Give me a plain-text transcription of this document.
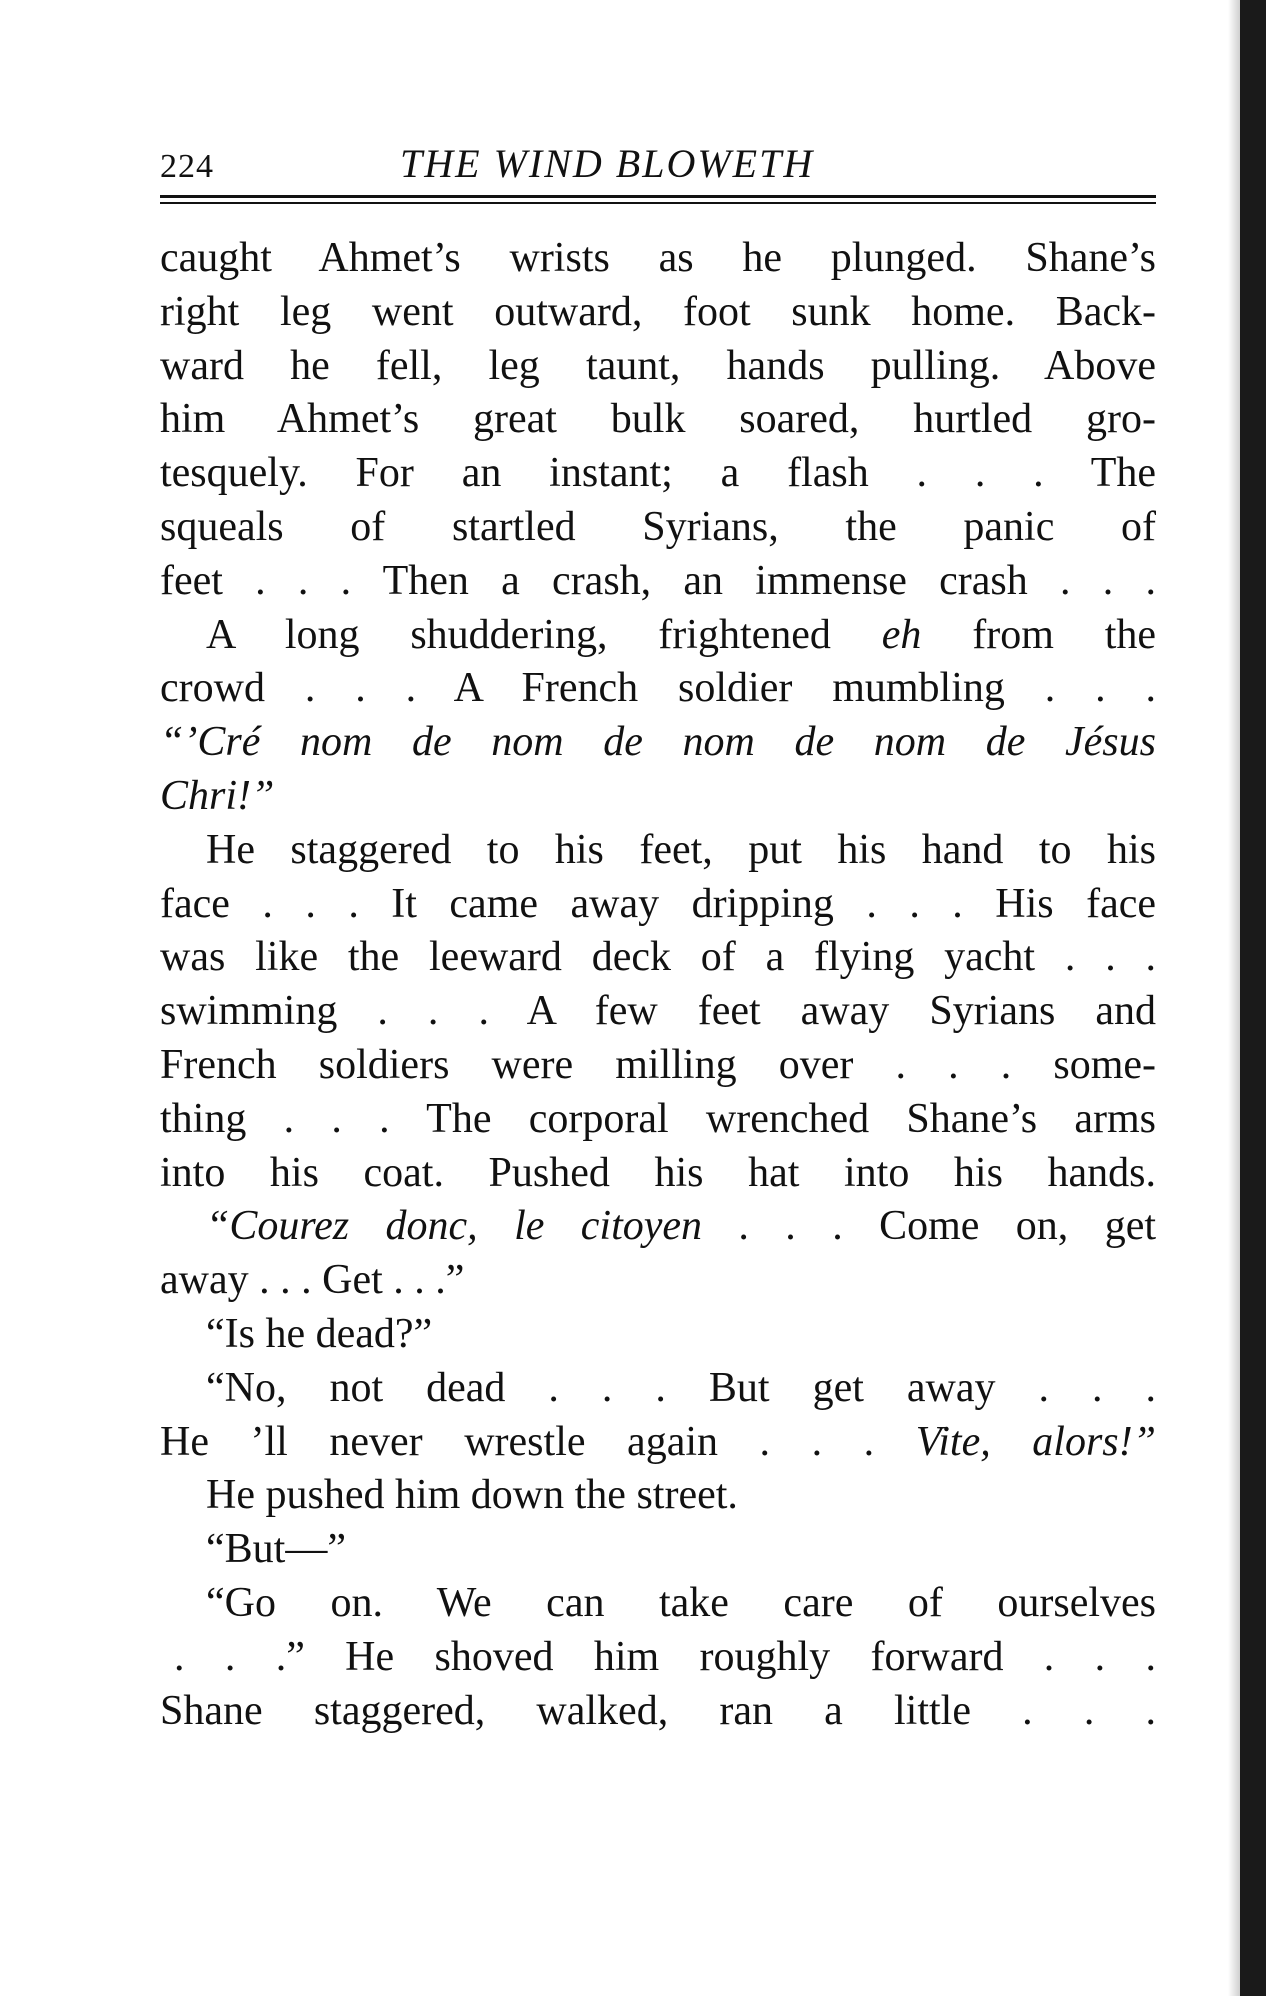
224	THE WIND BLOWETH
caught Ahmet’s wrists as he plunged. Shane’s
right leg went outward, foot sunk home. Back-
ward he fell, leg taunt, hands pulling. Above
him Ahmet’s great bulk soared, hurtled gro-
tesquely. For an instant; a flash . . . The
squeals of startled Syrians, the panic of
feet . . . Then a crash, an immense crash . . .
A long shuddering, frightened eh from the
crowd . . . A French soldier mumbling . . .
“’Cré nom de nom de nom de nom de Jésus
Chri!”
He staggered to his feet, put his hand to his
face . . . It came away dripping . . . His face
was like the leeward deck of a flying yacht . . .
swimming . . . A few feet away Syrians and
French soldiers were milling over . . . some-
thing . . . The corporal wrenched Shane’s arms
into his coat. Pushed his hat into his hands.
“Courez donc, le citoyen . . . Come on, get
away . . . Get . . .”
“Is he dead?”
“No, not dead . . . But get away . . .
He ’ll never wrestle again . . . Vite, alors!”
He pushed him down the street.
“But—”
“Go on. We can take care of ourselves
. . .” He shoved him roughly forward . . .
Shane staggered, walked, ran a little . . .
